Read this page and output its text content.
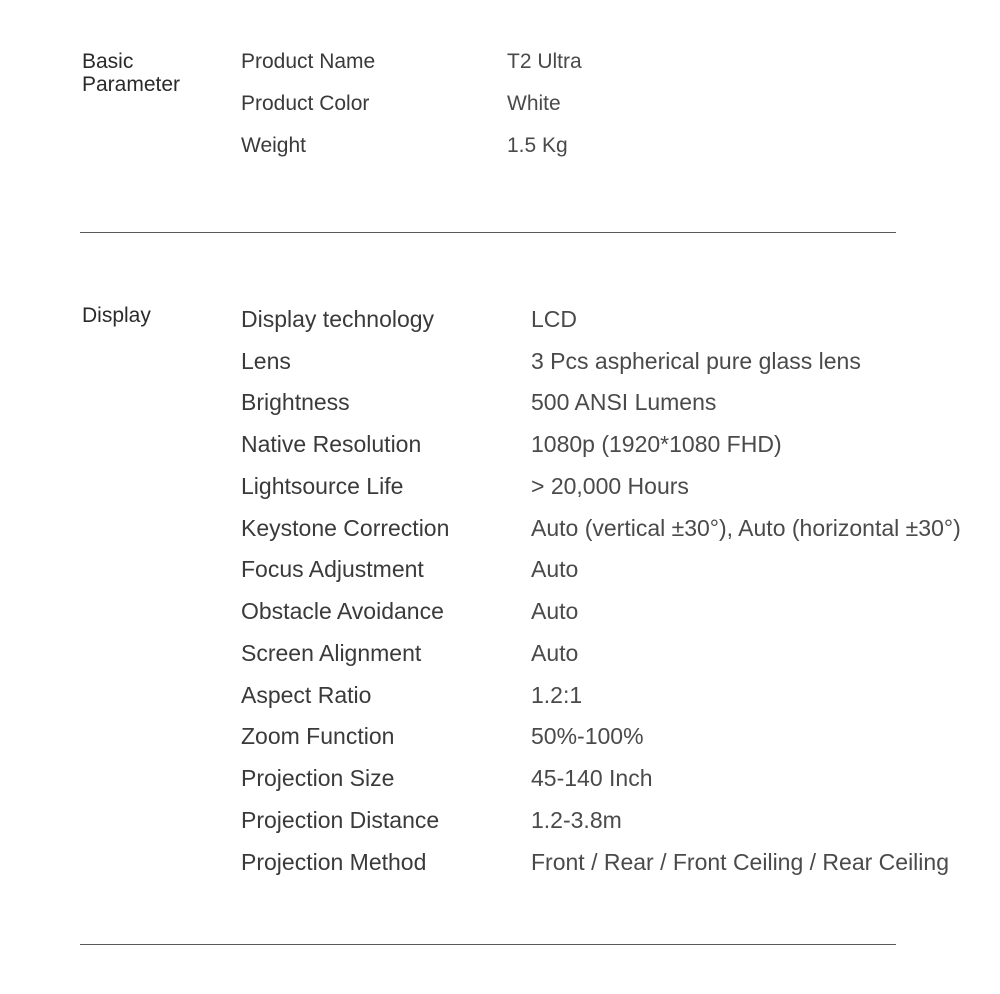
Basic
Parameter
Product Name	T2 Ultra
Product Color	White
Weight	1.5 Kg
Display	Display technology	LCD
Lens	3 Pcs aspherical pure glass lens
Brightness	500 ANSI Lumens
Native Resolution	1080p (1920*1080 FHD)
Lightsource Life	> 20,000 Hours
Keystone Correction	Auto (vertical ±30°), Auto (horizontal ±30°)
Focus Adjustment	Auto
Obstacle Avoidance	Auto
Screen Alignment	Auto
Aspect Ratio	1.2:1
Zoom Function	50%-100%
Projection Size	45-140 Inch
Projection Distance	1.2-3.8m
Projection Method	Front / Rear / Front Ceiling / Rear Ceiling
